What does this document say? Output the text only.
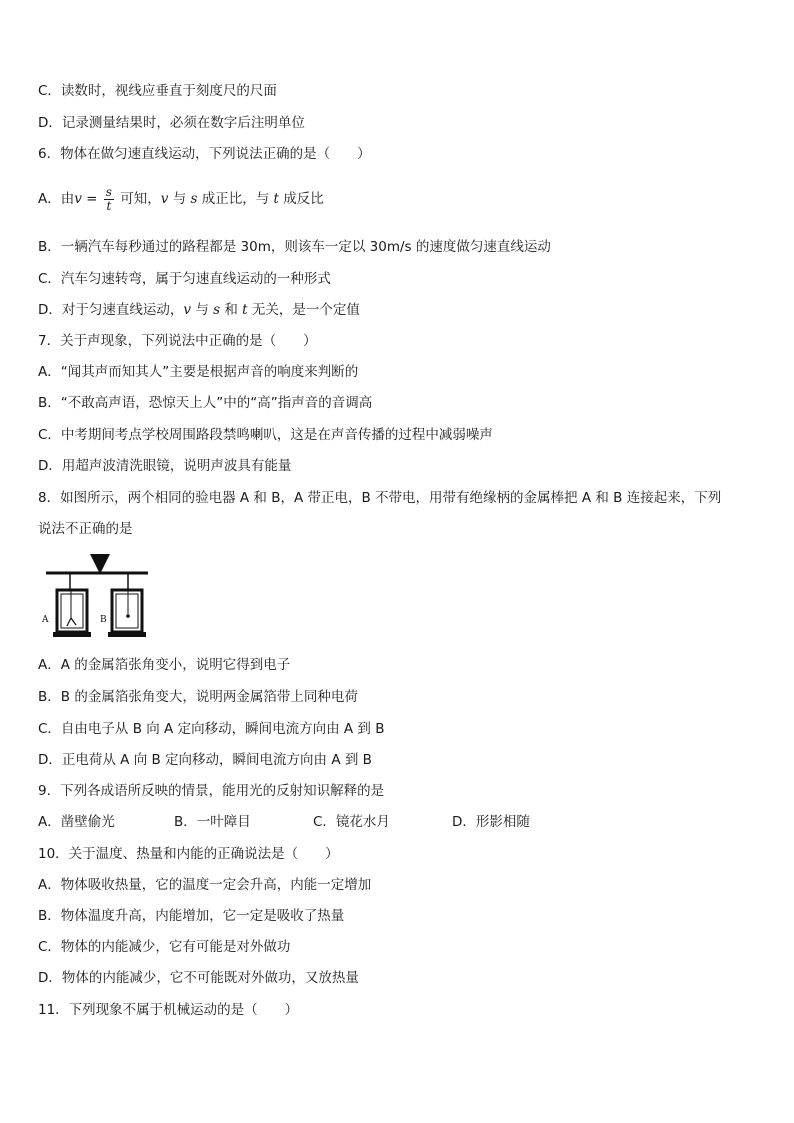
C．读数时，视线应垂直于刻度尺的尺面
D．记录测量结果时，必须在数字后注明单位
6．物体在做匀速直线运动，下列说法正确的是（　　）
A．由$v = \frac{s}{t}$ 可知，v 与 s 成正比，与 t 成反比
B．一辆汽车每秒通过的路程都是 30m，则该车一定以 30m/s 的速度做匀速直线运动
C．汽车匀速转弯，属于匀速直线运动的一种形式
D．对于匀速直线运动，v 与 s 和 t 无关，是一个定值
7．关于声现象，下列说法中正确的是（　　）
A．“闻其声而知其人”主要是根据声音的响度来判断的
B．“不敢高声语，恐惊天上人”中的“高”指声音的音调高
C．中考期间考点学校周围路段禁鸣喇叭，这是在声音传播的过程中减弱噪声
D．用超声波清洗眼镜，说明声波具有能量
8．如图所示，两个相同的验电器 A 和 B，A 带正电，B 不带电，用带有绝缘柄的金属棒把 A 和 B 连接起来，下列
说法不正确的是
A	B
A．A 的金属箔张角变小，说明它得到电子
B．B 的金属箔张角变大，说明两金属箔带上同种电荷
C．自由电子从 B 向 A 定向移动，瞬间电流方向由 A 到 B
D．正电荷从 A 向 B 定向移动，瞬间电流方向由 A 到 B
9．下列各成语所反映的情景，能用光的反射知识解释的是
A．凿壁偷光	B．一叶障目	C．镜花水月	D．形影相随
10．关于温度、热量和内能的正确说法是（　　）
A．物体吸收热量，它的温度一定会升高，内能一定增加
B．物体温度升高，内能增加，它一定是吸收了热量
C．物体的内能减少，它有可能是对外做功
D．物体的内能减少，它不可能既对外做功，又放热量
11．下列现象不属于机械运动的是（　　）
